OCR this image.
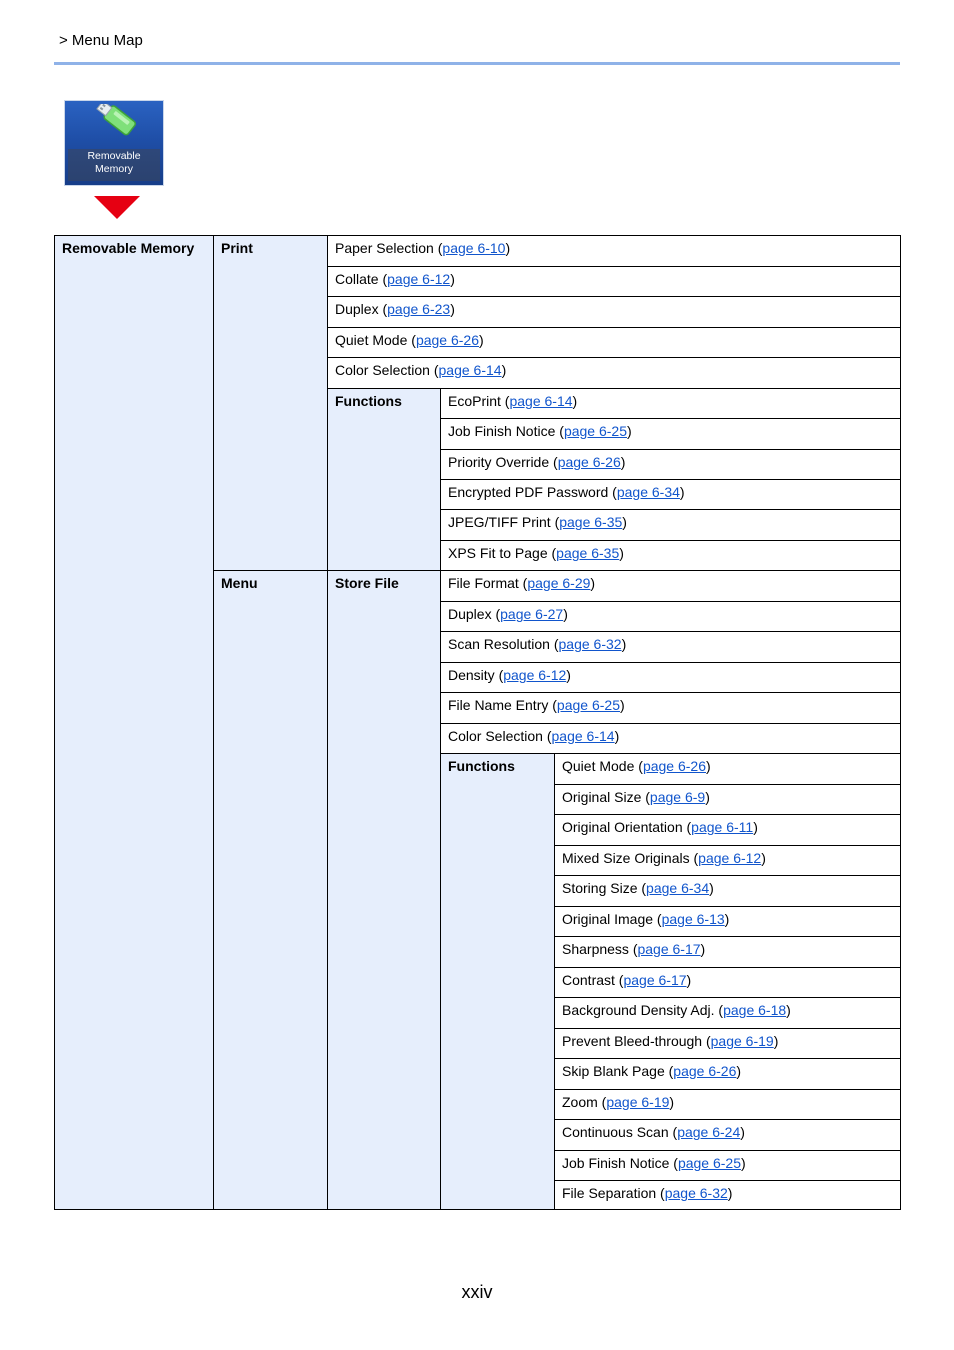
> Menu Map
Removable
Memory
Removable Memory Print
Functions
Menu	Store File
Functions
Paper Selection (page 6-10)
Collate (page 6-12)
Duplex (page 6-23)
Quiet Mode (page 6-26)
Color Selection (page 6-14)
EcoPrint (page 6-14)
Job Finish Notice (page 6-25)
Priority Override (page 6-26)
Encrypted PDF Password (page 6-34)
JPEG/TIFF Print (page 6-35)
XPS Fit to Page (page 6-35)
File Format (page 6-29)
Duplex (page 6-27)
Scan Resolution (page 6-32)
Density (page 6-12)
File Name Entry (page 6-25)
Color Selection (page 6-14)
Quiet Mode (page 6-26)
Original Size (page 6-9)
Original Orientation (page 6-11)
Mixed Size Originals (page 6-12)
Storing Size (page 6-34)
Original Image (page 6-13)
Sharpness (page 6-17)
Contrast (page 6-17)
Background Density Adj. (page 6-18)
Prevent Bleed-through (page 6-19)
Skip Blank Page (page 6-26)
Zoom (page 6-19)
Continuous Scan (page 6-24)
Job Finish Notice (page 6-25)
File Separation (page 6-32)
xxiv
